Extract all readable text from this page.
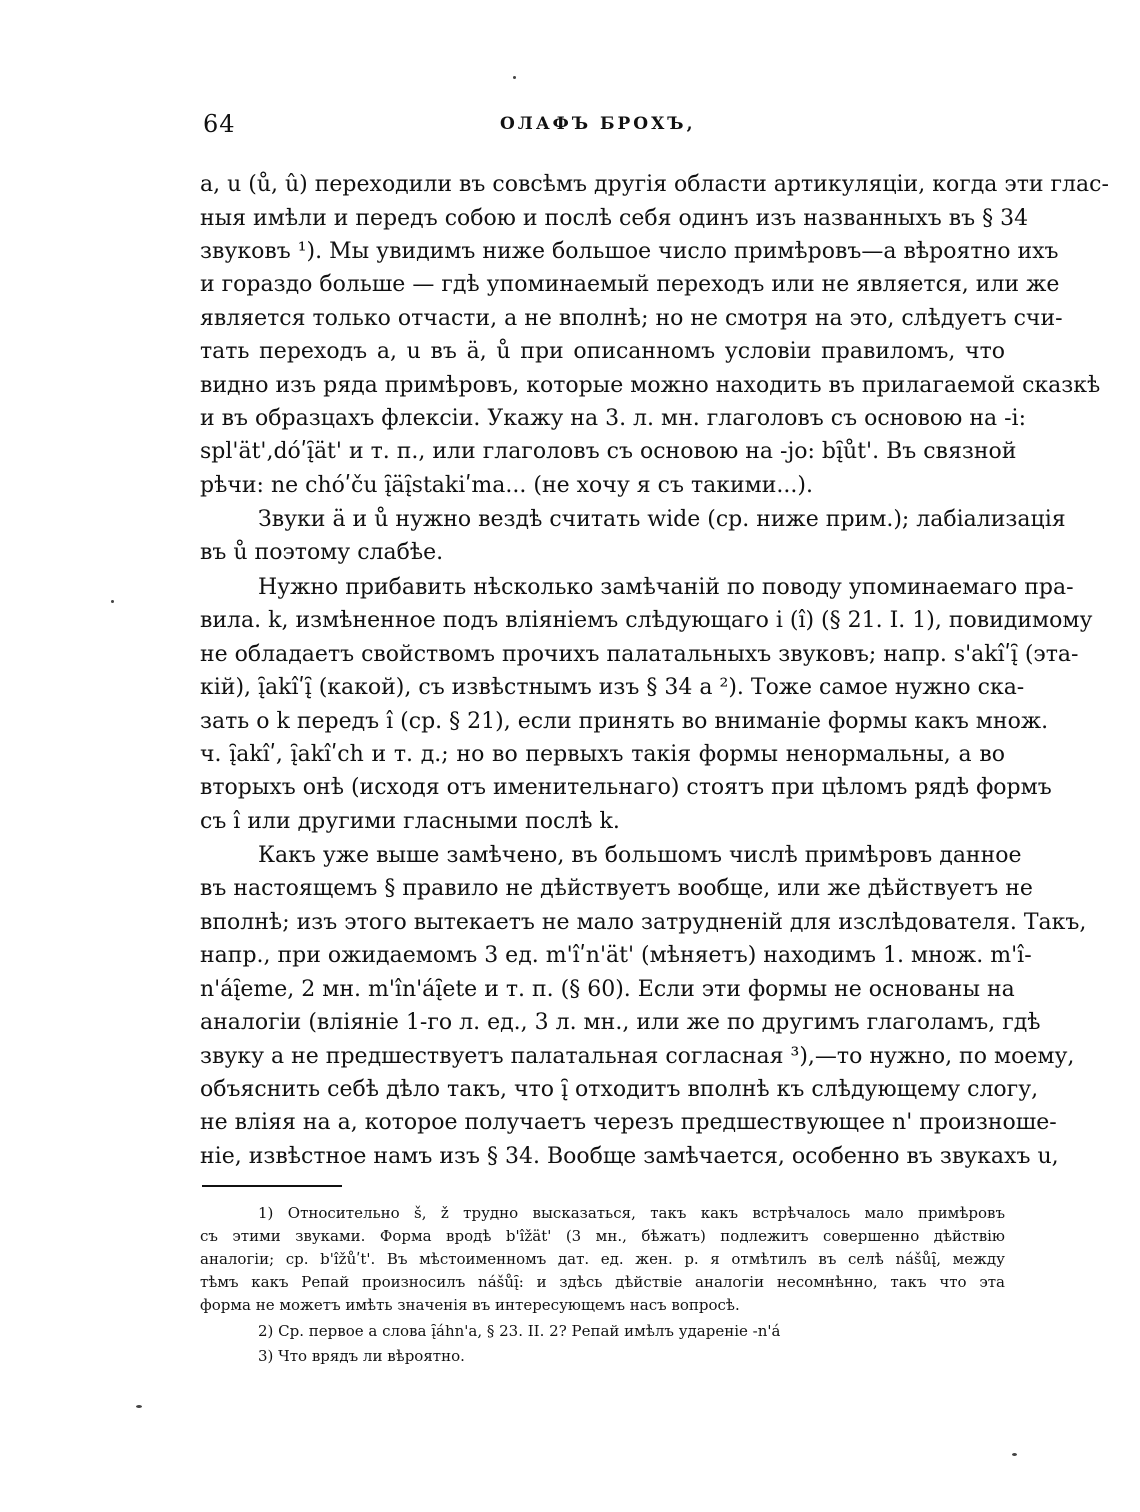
64	ОЛАФЪ БРОХЪ,
а, u (ů, û) переходили въ совсѣмъ другія области артикуляціи, когда эти глас-
ныя имѣли и передъ собою и послѣ себя одинъ изъ названныхъ въ § 34
звуковъ ¹). Мы увидимъ ниже большое число примѣровъ—а вѣроятно ихъ
и гораздо больше — гдѣ упоминаемый переходъ или не является, или же
является только отчасти, а не вполнѣ; но не смотря на это, слѣдуетъ счи-
тать переходъ а, u въ ä, ů при описанномъ условіи правиломъ, что
видно изъ ряда примѣровъ, которые можно находить въ прилагаемой сказкѣ
и въ образцахъ флексіи. Укажу на 3. л. мн. глаголовъ съ основою на -i:
spl'ät',dóʹį̑ät' и т. п., или глаголовъ съ основою на -jo: bį̑ůt'. Въ связной
рѣчи: ne chóʹču į̑äį̑stakiʹma... (не хочу я съ такими...).
Звуки ä и ů нужно вездѣ считать wide (ср. ниже прим.); лабіализація
въ ů поэтому слабѣе.
Нужно прибавить нѣсколько замѣчаній по поводу упоминаемаго пра-
вила. k, измѣненное подъ вліяніемъ слѣдующаго i (î) (§ 21. I. 1), повидимому
не обладаетъ свойствомъ прочихъ палатальныхъ звуковъ; напр. s'akîʹį̑ (эта-
кій), į̑akîʹį̑ (какой), съ извѣстнымъ изъ § 34 а ²). Тоже самое нужно ска-
зать о k передъ î (ср. § 21), если принять во вниманіе формы какъ множ.
ч. į̑akîʹ, į̑akîʹch и т. д.; но во первыхъ такія формы ненормальны, а во
вторыхъ онѣ (исходя отъ именительнаго) стоятъ при цѣломъ рядѣ формъ
съ î или другими гласными послѣ k.
Какъ уже выше замѣчено, въ большомъ числѣ примѣровъ данное
въ настоящемъ § правило не дѣйствуетъ вообще, или же дѣйствуетъ не
вполнѣ; изъ этого вытекаетъ не мало затрудненій для изслѣдователя. Такъ,
напр., при ожидаемомъ 3 ед. m'îʹn'ät' (мѣняетъ) находимъ 1. множ. m'î-
n'áį̑eme, 2 мн. m'în'áį̑ete и т. п. (§ 60). Если эти формы не основаны на
аналогіи (вліяніе 1-го л. ед., 3 л. мн., или же по другимъ глаголамъ, гдѣ
звуку а не предшествуетъ палатальная согласная ³),—то нужно, по моему,
объяснить себѣ дѣло такъ, что į̑ отходитъ вполнѣ къ слѣдующему слогу,
не вліяя на а, которое получаетъ черезъ предшествующее n' произноше-
ніе, извѣстное намъ изъ § 34. Вообще замѣчается, особенно въ звукахъ u,
1) Относительно š, ž трудно высказаться, такъ какъ встрѣчалось мало примѣровъ
съ этими звуками. Форма вродѣ b'îžät' (3 мн., бѣжатъ) подлежитъ совершенно дѣйствію
аналогіи; ср. b'îžůʹt'. Въ мѣстоименномъ дат. ед. жен. р. я отмѣтилъ въ селѣ nášůį̑, между
тѣмъ какъ Репай произносилъ nášůį̑: и здѣсь дѣйствіе аналогіи несомнѣнно, такъ что эта
форма не можетъ имѣть значенія въ интересующемъ насъ вопросѣ.
2) Ср. первое а слова į̑áhn'a, § 23. II. 2? Репай имѣлъ удареніе -n'á
3) Что врядъ ли вѣроятно.
